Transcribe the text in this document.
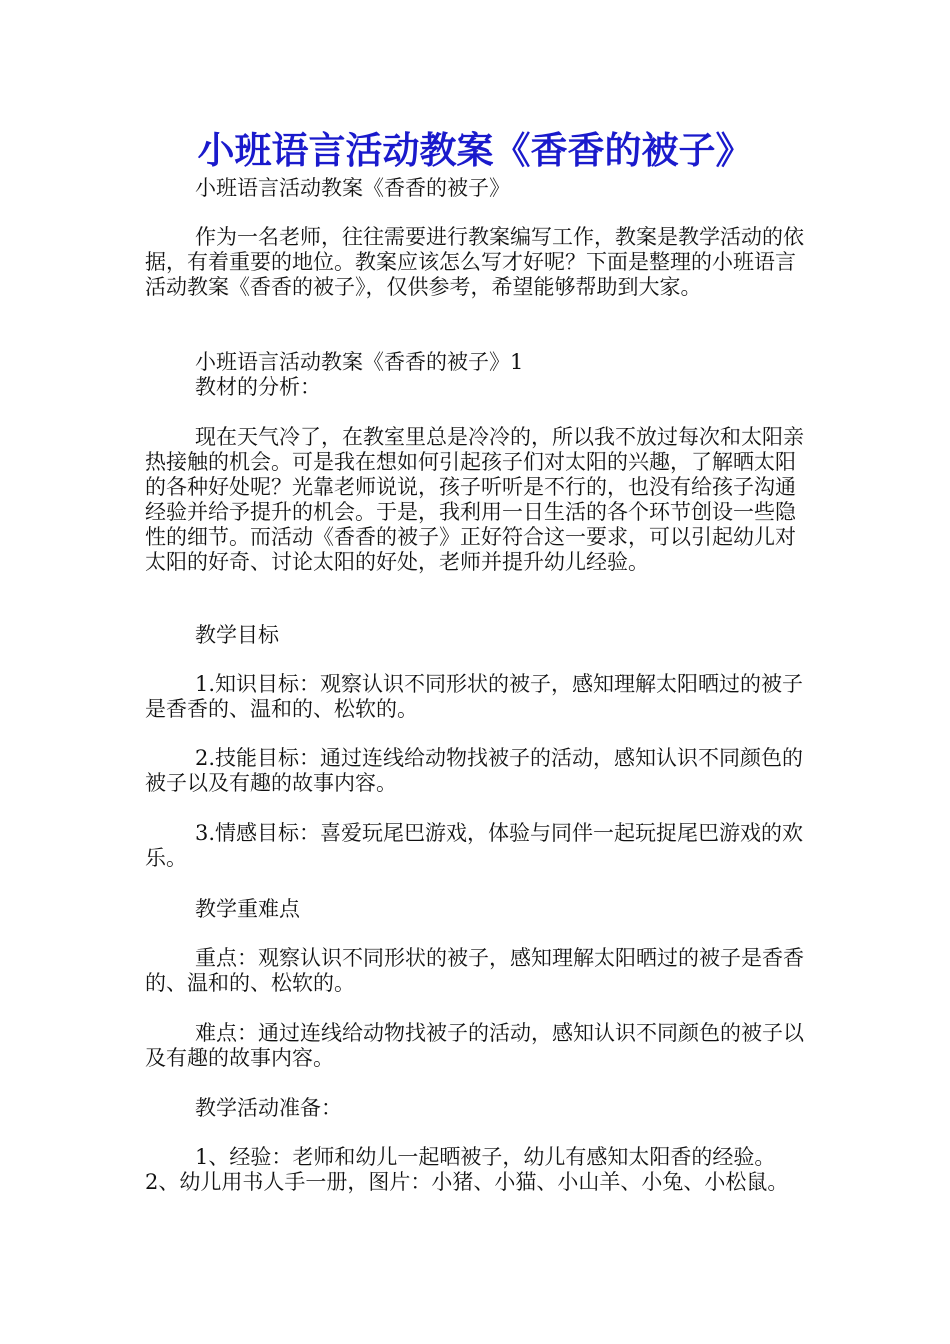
小班语言活动教案《香香的被子》
小班语言活动教案《香香的被子》
作为一名老师，往往需要进行教案编写工作，教案是教学活动的依据，有着重要的地位。教案应该怎么写才好呢？下面是整理的小班语言活动教案《香香的被子》，仅供参考，希望能够帮助到大家。
小班语言活动教案《香香的被子》1
教材的分析：
现在天气冷了，在教室里总是冷冷的，所以我不放过每次和太阳亲热接触的机会。可是我在想如何引起孩子们对太阳的兴趣，了解晒太阳的各种好处呢？光靠老师说说，孩子听听是不行的，也没有给孩子沟通经验并给予提升的机会。于是，我利用一日生活的各个环节创设一些隐性的细节。而活动《香香的被子》正好符合这一要求，可以引起幼儿对太阳的好奇、讨论太阳的好处，老师并提升幼儿经验。
教学目标
1.知识目标：观察认识不同形状的被子，感知理解太阳晒过的被子是香香的、温和的、松软的。
2.技能目标：通过连线给动物找被子的活动，感知认识不同颜色的被子以及有趣的故事内容。
3.情感目标：喜爱玩尾巴游戏，体验与同伴一起玩捉尾巴游戏的欢乐。
教学重难点
重点：观察认识不同形状的被子，感知理解太阳晒过的被子是香香的、温和的、松软的。
难点：通过连线给动物找被子的活动，感知认识不同颜色的被子以及有趣的故事内容。
教学活动准备：
1、经验：老师和幼儿一起晒被子，幼儿有感知太阳香的经验。
2、幼儿用书人手一册，图片：小猪、小猫、小山羊、小兔、小松鼠。
